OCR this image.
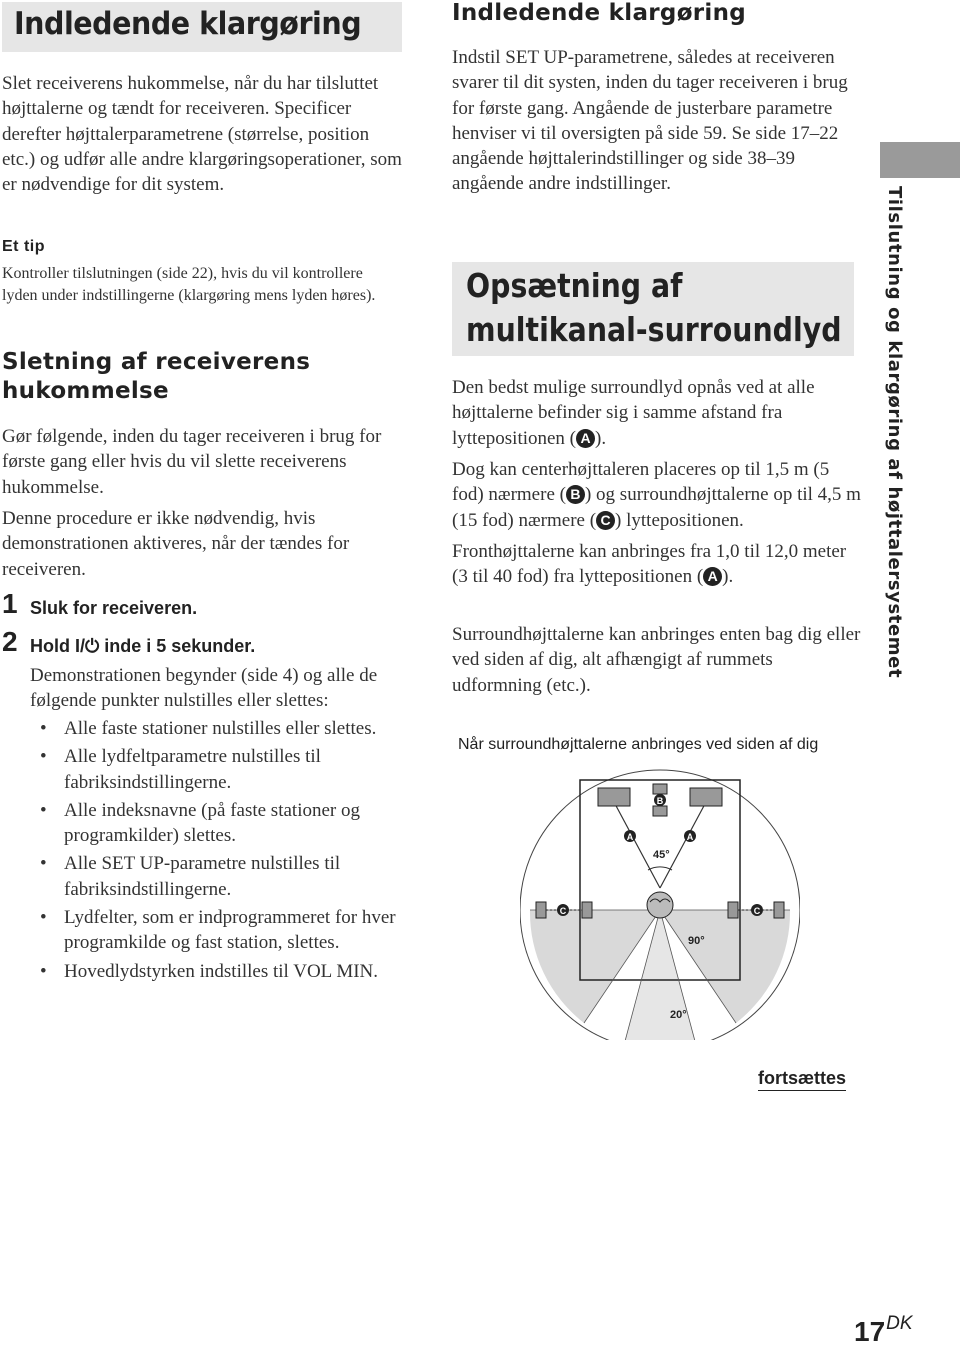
Indledende klargøring
Slet receiverens hukommelse, når du har tilsluttet højttalerne og tændt for receiveren. Specificer derefter højttalerparametrene (størrelse, position etc.) og udfør alle andre klargøringsoperationer, som er nødvendige for dit system.
Et tip
Kontroller tilslutningen (side 22), hvis du vil kontrollere lyden under indstillingerne (klargøring mens lyden høres).
Sletning af receiverens hukommelse
Gør følgende, inden du tager receiveren i brug for første gang eller hvis du vil slette receiverens hukommelse.
Denne procedure er ikke nødvendig, hvis demonstrationen aktiveres, når der tændes for receiveren.
1 Sluk for receiveren.
2 Hold I/⏻ inde i 5 sekunder.
Demonstrationen begynder (side 4) og alle de følgende punkter nulstilles eller slettes:
• Alle faste stationer nulstilles eller slettes.
• Alle lydfeltparametre nulstilles til fabriksindstillingerne.
• Alle indeksnavne (på faste stationer og programkilder) slettes.
• Alle SET UP-parametre nulstilles til fabriksindstillingerne.
• Lydfelter, som er indprogrammeret for hver programkilde og fast station, slettes.
• Hovedlydstyrken indstilles til VOL MIN.
Indledende klargøring
Indstil SET UP-parametrene, således at receiveren svarer til dit systen, inden du tager receiveren i brug for første gang. Angående de justerbare parametre henviser vi til oversigten på side 59. Se side 17–22 angående højttalerindstillinger og side 38–39 angående andre indstillinger.
Opsætning af multikanal-surroundlyd
Den bedst mulige surroundlyd opnås ved at alle højttalerne befinder sig i samme afstand fra lyttepositionen ( A ).
Dog kan centerhøjttaleren placeres op til 1,5 m (5 fod) nærmere ( B ) og surroundhøjttalerne op til 4,5 m (15 fod) nærmere ( C ) lyttepositionen.
Fronthøjttalerne kan anbringes fra 1,0 til 12,0 meter (3 til 40 fod) fra lyttepositionen ( A ).
Surroundhøjttalerne kan anbringes enten bag dig eller ved siden af dig, alt afhængigt af rummets udformning (etc.).
Når surroundhøjttalerne anbringes ved siden af dig
A	A
B
C	C
45°
90°
20°
Tilslutning og klargøring af højttalersystemet
fortsættes
$17^{DK}$
